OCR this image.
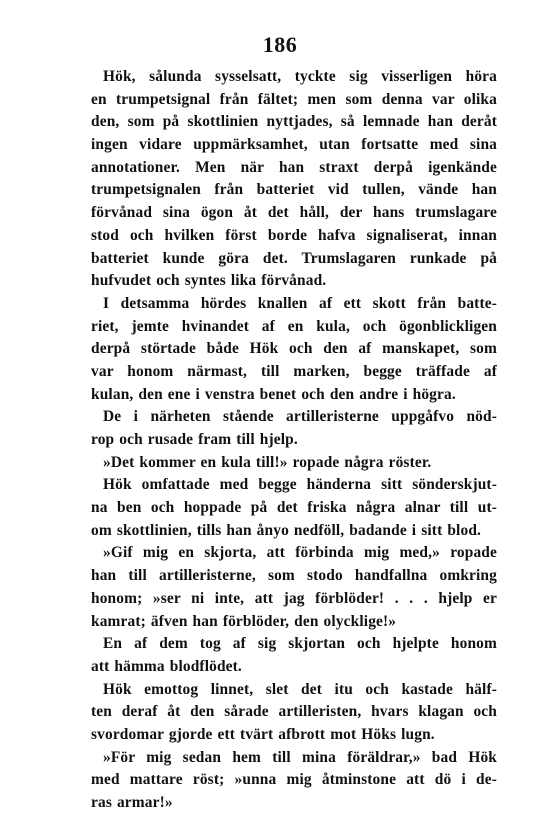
186
Hök, sålunda sysselsatt, tyckte sig visserligen höra
en trumpetsignal från fältet; men som denna var olika
den, som på skottlinien nyttjades, så lemnade han deråt
ingen vidare uppmärksamhet, utan fortsatte med sina
annotationer. Men när han straxt derpå igenkände
trumpetsignalen från batteriet vid tullen, vände han
förvånad sina ögon åt det håll, der hans trumslagare
stod och hvilken först borde hafva signaliserat, innan
batteriet kunde göra det. Trumslagaren runkade på
hufvudet och syntes lika förvånad.
I detsamma hördes knallen af ett skott från batte-
riet, jemte hvinandet af en kula, och ögonblickligen
derpå störtade både Hök och den af manskapet, som
var honom närmast, till marken, begge träffade af
kulan, den ene i venstra benet och den andre i högra.
De i närheten stående artilleristerne uppgåfvo nöd-
rop och rusade fram till hjelp.
»Det kommer en kula till!» ropade några röster.
Hök omfattade med begge händerna sitt sönderskjut-
na ben och hoppade på det friska några alnar till ut-
om skottlinien, tills han ånyo nedföll, badande i sitt blod.
»Gif mig en skjorta, att förbinda mig med,» ropade
han till artilleristerne, som stodo handfallna omkring
honom; »ser ni inte, att jag förblöder! . . . hjelp er
kamrat; äfven han förblöder, den olycklige!»
En af dem tog af sig skjortan och hjelpte honom
att hämma blodflödet.
Hök emottog linnet, slet det itu och kastade hälf-
ten deraf åt den sårade artilleristen, hvars klagan och
svordomar gjorde ett tvärt afbrott mot Höks lugn.
»För mig sedan hem till mina föräldrar,» bad Hök
med mattare röst; »unna mig åtminstone att dö i de-
ras armar!»
